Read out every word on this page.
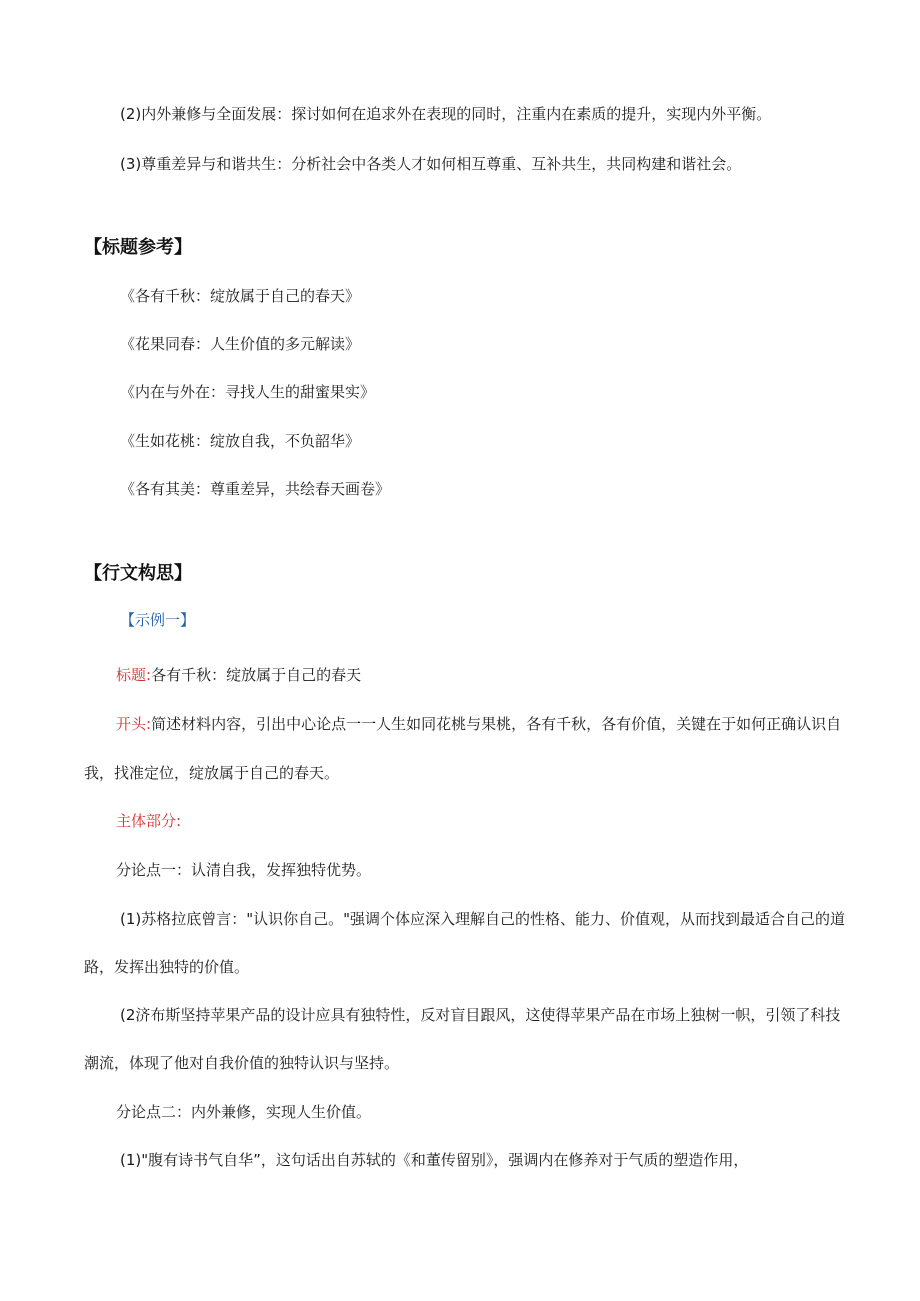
(2)内外兼修与全面发展：探讨如何在追求外在表现的同时，注重内在素质的提升，实现内外平衡。
(3)尊重差异与和谐共生：分析社会中各类人才如何相互尊重、互补共生，共同构建和谐社会。
【标题参考】
《各有千秋：绽放属于自己的春天》
《花果同春：人生价值的多元解读》
《内在与外在：寻找人生的甜蜜果实》
《生如花桃：绽放自我，不负韶华》
《各有其美：尊重差异，共绘春天画卷》
【行文构思】
【示例一】
标题:各有千秋：绽放属于自己的春天
开头:简述材料内容，引出中心论点一一人生如同花桃与果桃，各有千秋，各有价值，关键在于如何正确认识自
我，找准定位，绽放属于自己的春天。
主体部分:
分论点一：认清自我，发挥独特优势。
(1)苏格拉底曾言："认识你自己。"强调个体应深入理解自己的性格、能力、价值观，从而找到最适合自己的道
路，发挥出独特的价值。
(2济布斯坚持苹果产品的设计应具有独特性，反对盲目跟风，这使得苹果产品在市场上独树一帜，引领了科技
潮流，体现了他对自我价值的独特认识与坚持。
分论点二：内外兼修，实现人生价值。
(1)"腹有诗书气自华”，这句话出自苏轼的《和董传留别》，强调内在修养对于气质的塑造作用，
